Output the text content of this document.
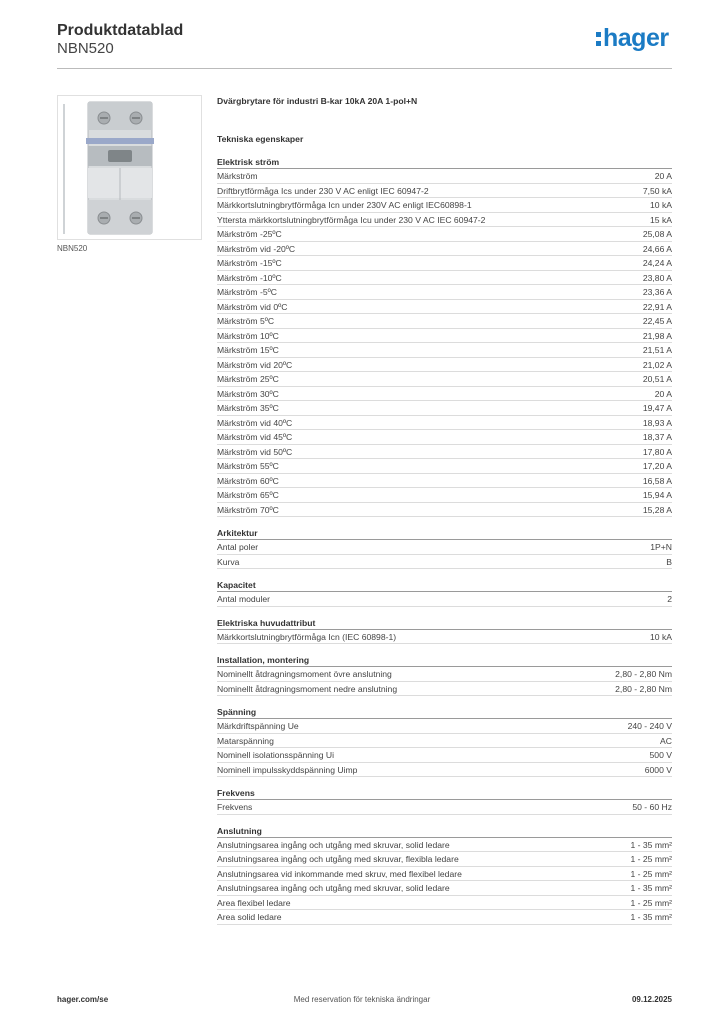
Produktdatablad
NBN520	hager
NBN520
Dvärgbrytare för industri B-kar 10kA 20A 1-pol+N
Tekniska egenskaper
Elektrisk ström
Märkström	20 A
Driftbrytförmåga Ics under 230 V AC enligt IEC 60947-2	7,50 kA
Märkkortslutningbrytförmåga Icn under 230V AC enligt IEC60898-1	10 kA
Yttersta märkkortslutningbrytförmåga Icu under 230 V AC IEC 60947-2	15 kA
Märkström -25ºC	25,08 A
Märkström vid -20ºC	24,66 A
Märkström -15ºC	24,24 A
Märkström -10ºC	23,80 A
Märkström -5ºC	23,36 A
Märkström vid 0ºC	22,91 A
Märkström 5ºC	22,45 A
Märkström 10ºC	21,98 A
Märkström 15ºC	21,51 A
Märkström vid 20ºC	21,02 A
Märkström 25ºC	20,51 A
Märkström 30ºC	20 A
Märkström 35ºC	19,47 A
Märkström vid 40ºC	18,93 A
Märkström vid 45ºC	18,37 A
Märkström vid 50ºC	17,80 A
Märkström 55ºC	17,20 A
Märkström 60ºC	16,58 A
Märkström 65ºC	15,94 A
Märkström 70ºC	15,28 A
Arkitektur
Antal poler	1P+N
Kurva	B
Kapacitet
Antal moduler	2
Elektriska huvudattribut
Märkkortslutningbrytförmåga Icn (IEC 60898-1)	10 kA
Installation, montering
Nominellt åtdragningsmoment övre anslutning	2,80 - 2,80 Nm
Nominellt åtdragningsmoment nedre anslutning	2,80 - 2,80 Nm
Spänning
Märkdriftspänning Ue	240 - 240 V
Matarspänning	AC
Nominell isolationsspänning Ui	500 V
Nominell impulsskyddspänning Uimp	6000 V
Frekvens
Frekvens	50 - 60 Hz
Anslutning
Anslutningsarea ingång och utgång med skruvar, solid ledare	1 - 35 mm²
Anslutningsarea ingång och utgång med skruvar, flexibla ledare	1 - 25 mm²
Anslutningsarea vid inkommande med skruv, med flexibel ledare	1 - 25 mm²
Anslutningsarea ingång och utgång med skruvar, solid ledare	1 - 35 mm²
Area flexibel ledare	1 - 25 mm²
Area solid ledare	1 - 35 mm²
hager.com/se	Med reservation för tekniska ändringar	09.12.2025
